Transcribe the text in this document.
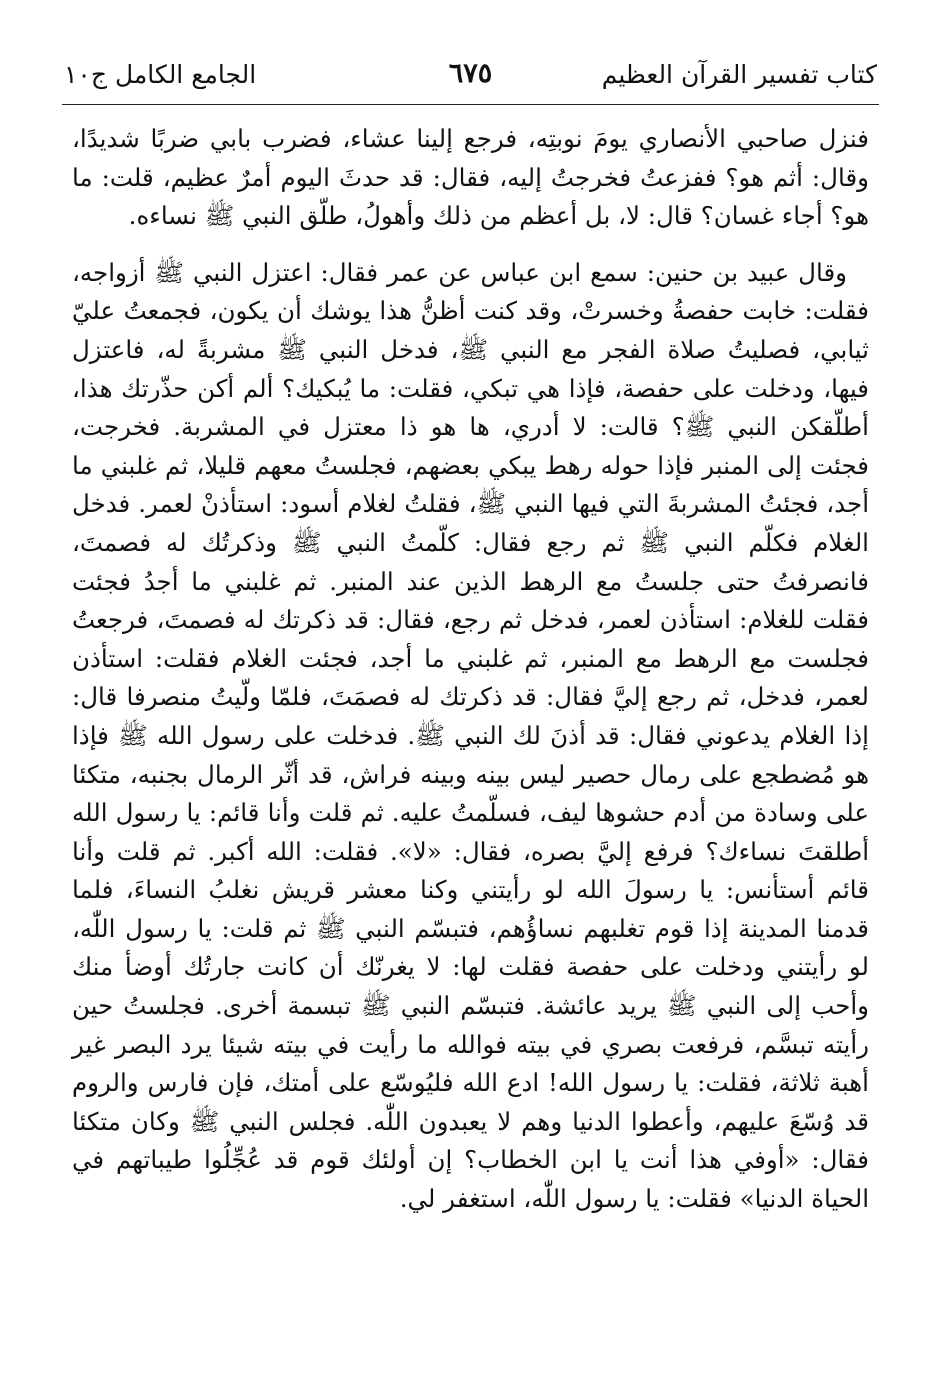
كتاب تفسير القرآن العظيم
٦٧٥
الجامع الكامل ج١٠

فنزل صاحبي الأنصاري يومَ نوبتِه، فرجع إلينا عشاء، فضرب بابي ضربًا شديدًا، وقال: أثم هو؟ ففزعتُ فخرجتُ إليه، فقال: قد حدثَ اليوم أمرٌ عظيم، قلت: ما هو؟ أجاء غسان؟ قال: لا، بل أعظم من ذلك وأهولُ، طلّق النبي ﷺ نساءه.

وقال عبيد بن حنين: سمع ابن عباس عن عمر فقال: اعتزل النبي ﷺ أزواجه، فقلت: خابت حفصةُ وخسرتْ، وقد كنت أظنُّ هذا يوشك أن يكون، فجمعتُ عليّ ثيابي، فصليتُ صلاة الفجر مع النبي ﷺ، فدخل النبي ﷺ مشربةً له، فاعتزل فيها، ودخلت على حفصة، فإذا هي تبكي، فقلت: ما يُبكيك؟ ألم أكن حذّرتك هذا، أطلّقكن النبي ﷺ؟ قالت: لا أدري، ها هو ذا معتزل في المشربة. فخرجت، فجئت إلى المنبر فإذا حوله رهط يبكي بعضهم، فجلستُ معهم قليلا، ثم غلبني ما أجد، فجئتُ المشربةَ التي فيها النبي ﷺ، فقلتُ لغلام أسود: استأذنْ لعمر. فدخل الغلام فكلّم النبي ﷺ ثم رجع فقال: كلّمتُ النبي ﷺ وذكرتُك له فصمتَ، فانصرفتُ حتى جلستُ مع الرهط الذين عند المنبر. ثم غلبني ما أجدُ فجئت فقلت للغلام: استأذن لعمر، فدخل ثم رجع، فقال: قد ذكرتك له فصمتَ، فرجعتُ فجلست مع الرهط مع المنبر، ثم غلبني ما أجد، فجئت الغلام فقلت: استأذن لعمر، فدخل، ثم رجع إليَّ فقال: قد ذكرتك له فصمَتَ، فلمّا ولّيتُ منصرفا قال: إذا الغلام يدعوني فقال: قد أذنَ لك النبي ﷺ. فدخلت على رسول الله ﷺ فإذا هو مُضطجع على رمال حصير ليس بينه وبينه فراش، قد أثّر الرمال بجنبه، متكئا على وسادة من أدم حشوها ليف، فسلّمتُ عليه. ثم قلت وأنا قائم: يا رسول الله أطلقتَ نساءك؟ فرفع إليَّ بصره، فقال: «لا». فقلت: الله أكبر. ثم قلت وأنا قائم أستأنس: يا رسولَ الله لو رأيتني وكنا معشر قريش نغلبُ النساءَ، فلما قدمنا المدينة إذا قوم تغلبهم نساؤُهم، فتبسّم النبي ﷺ ثم قلت: يا رسول اللّٰه، لو رأيتني ودخلت على حفصة فقلت لها: لا يغرنّك أن كانت جارتُك أوضأ منك وأحب إلى النبي ﷺ يريد عائشة. فتبسّم النبي ﷺ تبسمة أخرى. فجلستُ حين رأيته تبسَّم، فرفعت بصري في بيته فوالله ما رأيت في بيته شيئا يرد البصر غير أهبة ثلاثة، فقلت: يا رسول الله! ادع الله فليُوسّع على أمتك، فإن فارس والروم قد وُسّعَ عليهم، وأعطوا الدنيا وهم لا يعبدون اللّٰه. فجلس النبي ﷺ وكان متكئا فقال: «أوفي هذا أنت يا ابن الخطاب؟ إن أولئك قوم قد عُجِّلُوا طيباتهم في الحياة الدنيا» فقلت: يا رسول اللّٰه، استغفر لي.
